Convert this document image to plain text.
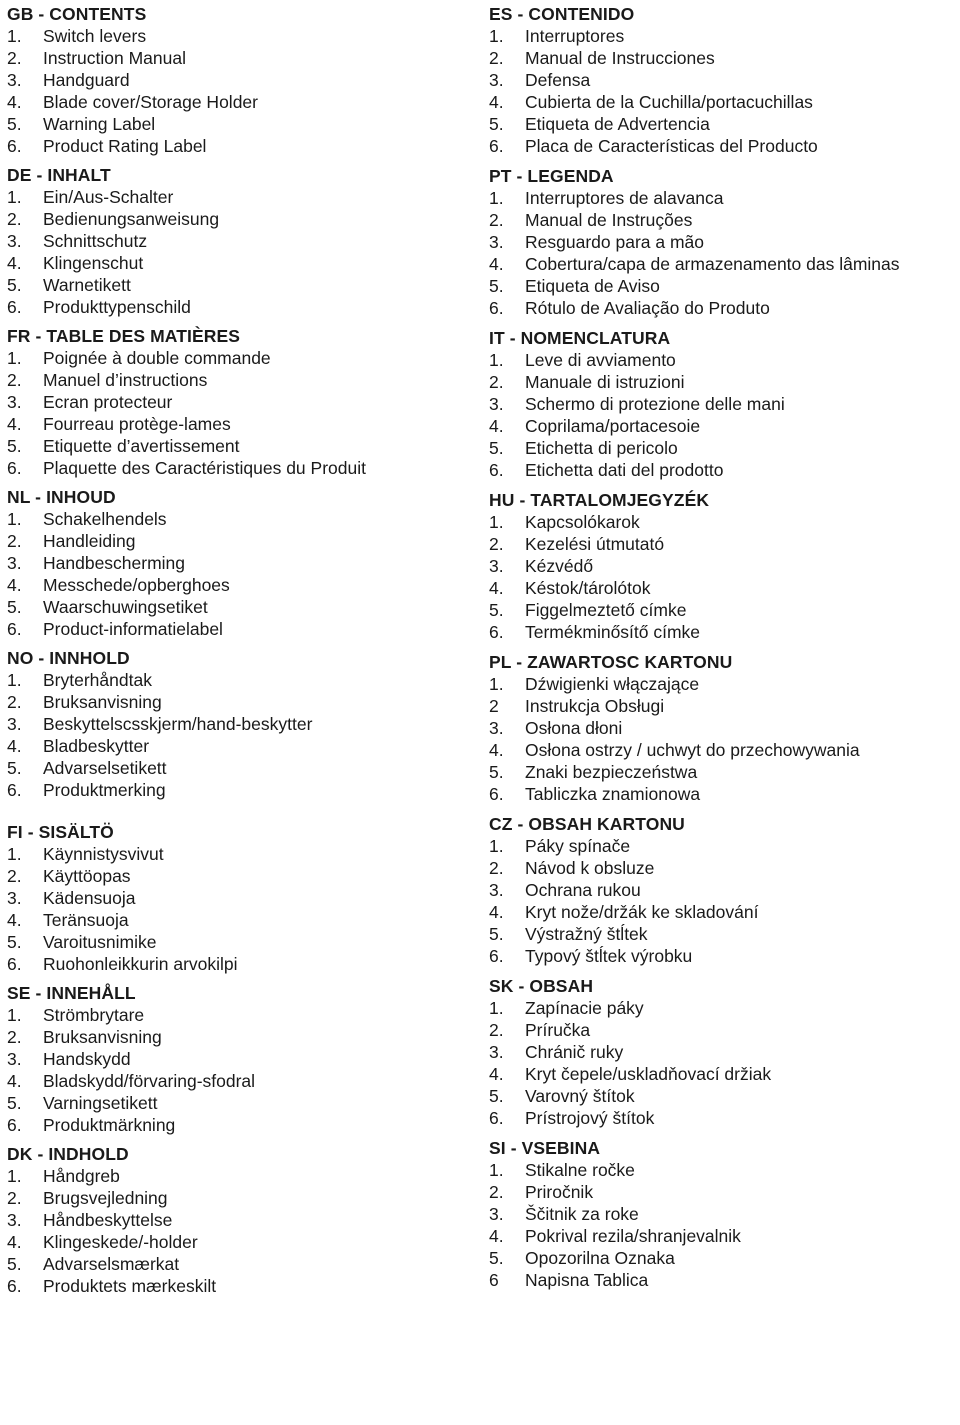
GB - CONTENTS
1.	Switch levers
2.	Instruction Manual
3.	Handguard
4.	Blade cover/Storage Holder
5.	Warning Label
6.	Product Rating Label
DE - INHALT
1.	Ein/Aus-Schalter
2.	Bedienungsanweisung
3.	Schnittschutz
4.	Klingenschut
5.	Warnetikett
6.	Produkttypenschild
FR - TABLE DES MATIÈRES
1.	Poignée à double commande
2.	Manuel d’instructions
3.	Ecran protecteur
4.	Fourreau protège-lames
5.	Etiquette d’avertissement
6.	Plaquette des Caractéristiques du Produit
NL - INHOUD
1.	Schakelhendels
2.	Handleiding
3.	Handbescherming
4.	Messchede/opberghoes
5.	Waarschuwingsetiket
6.	Product-informatielabel
NO - INNHOLD
1.	Bryterhåndtak
2.	Bruksanvisning
3.	Beskyttelscsskjerm/hand-beskytter
4.	Bladbeskytter
5.	Advarselsetikett
6.	Produktmerking
FI - SISÄLTÖ
1.	Käynnistysvivut
2.	Käyttöopas
3.	Kädensuoja
4.	Teränsuoja
5.	Varoitusnimike
6.	Ruohonleikkurin arvokilpi
SE - INNEHÅLL
1.	Strömbrytare
2.	Bruksanvisning
3.	Handskydd
4.	Bladskydd/förvaring-sfodral
5.	Varningsetikett
6.	Produktmärkning
DK - INDHOLD
1.	Håndgreb
2.	Brugsvejledning
3.	Håndbeskyttelse
4.	Klingeskede/-holder
5.	Advarselsmærkat
6.	Produktets mærkeskilt
ES - CONTENIDO
1.	Interruptores
2.	Manual de Instrucciones
3.	Defensa
4.	Cubierta de la Cuchilla/portacuchillas
5.	Etiqueta de Advertencia
6.	Placa de Características del Producto
PT - LEGENDA
1.	Interruptores de alavanca
2.	Manual de Instruções
3.	Resguardo para a mão
4.	Cobertura/capa de armazenamento das lâminas
5.	Etiqueta de Aviso
6.	Rótulo de Avaliação do Produto
IT - NOMENCLATURA
1.	Leve di avviamento
2.	Manuale di istruzioni
3.	Schermo di protezione delle mani
4.	Coprilama/portacesoie
5.	Etichetta di pericolo
6.	Etichetta dati del prodotto
HU - TARTALOMJEGYZÉK
1.	Kapcsolókarok
2.	Kezelési útmutató
3.	Kézvédő
4.	Késtok/tárolótok
5.	Figgelmeztető címke
6.	Termékminősítő címke
PL - ZAWARTOSC KARTONU
1.	Dźwigienki włączające
2	Instrukcja Obsługi
3.	Osłona dłoni
4.	Osłona ostrzy / uchwyt do przechowywania
5.	Znaki bezpieczeństwa
6.	Tabliczka znamionowa
CZ - OBSAH KARTONU
1.	Páky spínače
2.	Návod k obsluze
3.	Ochrana rukou
4.	Kryt nože/držák ke skladování
5.	Výstražný štĺtek
6.	Typový štĺtek výrobku
SK - OBSAH
1.	Zapínacie páky
2.	Príručka
3.	Chránič ruky
4.	Kryt čepele/uskladňovací držiak
5.	Varovný štítok
6.	Prístrojový štítok
SI - VSEBINA
1.	Stikalne ročke
2.	Priročnik
3.	Ščitnik za roke
4.	Pokrival rezila/shranjevalnik
5.	Opozorilna Oznaka
6	Napisna Tablica
